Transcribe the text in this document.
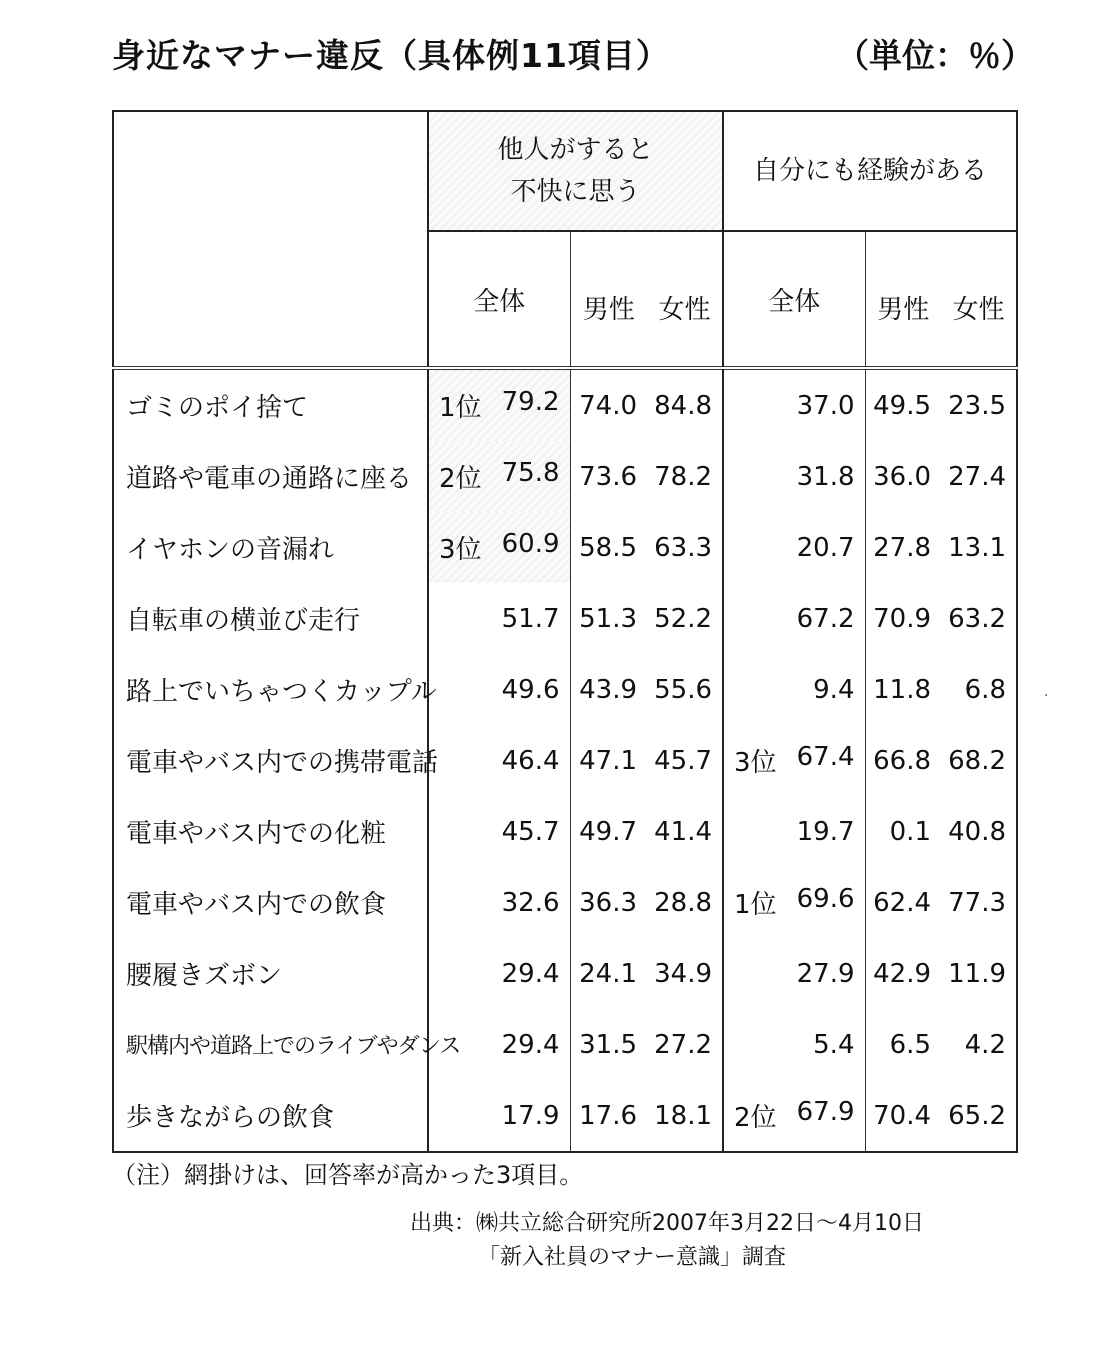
身近なマナー違反（具体例11項目）	（単位：％）
	他人がすると 不快に思う			自分にも経験がある		
	全体	男性	女性	全体	男性	女性

ゴミのポイ捨て	1位 79.2	74.0	84.8	37.0	49.5	23.5
道路や電車の通路に座る	2位 75.8	73.6	78.2	31.8	36.0	27.4
イヤホンの音漏れ	3位 60.9	58.5	63.3	20.7	27.8	13.1
自転車の横並び走行	51.7	51.3	52.2	67.2	70.9	63.2
路上でいちゃつくカップル	49.6	43.9	55.6	9.4	11.8	6.8
電車やバス内での携帯電話	46.4	47.1	45.7	3位 67.4	66.8	68.2
電車やバス内での化粧	45.7	49.7	41.4	19.7	0.1	40.8
電車やバス内での飲食	32.6	36.3	28.8	1位 69.6	62.4	77.3
腰履きズボン	29.4	24.1	34.9	27.9	42.9	11.9
駅構内や道路上でのライブやダンス	29.4	31.5	27.2	5.4	6.5	4.2
歩きながらの飲食	17.9	17.6	18.1	2位 67.9	70.4	65.2
（注）網掛けは、回答率が高かった3項目。
出典：㈱共立総合研究所2007年3月22日～4月10日
「新入社員のマナー意識」調査
·
